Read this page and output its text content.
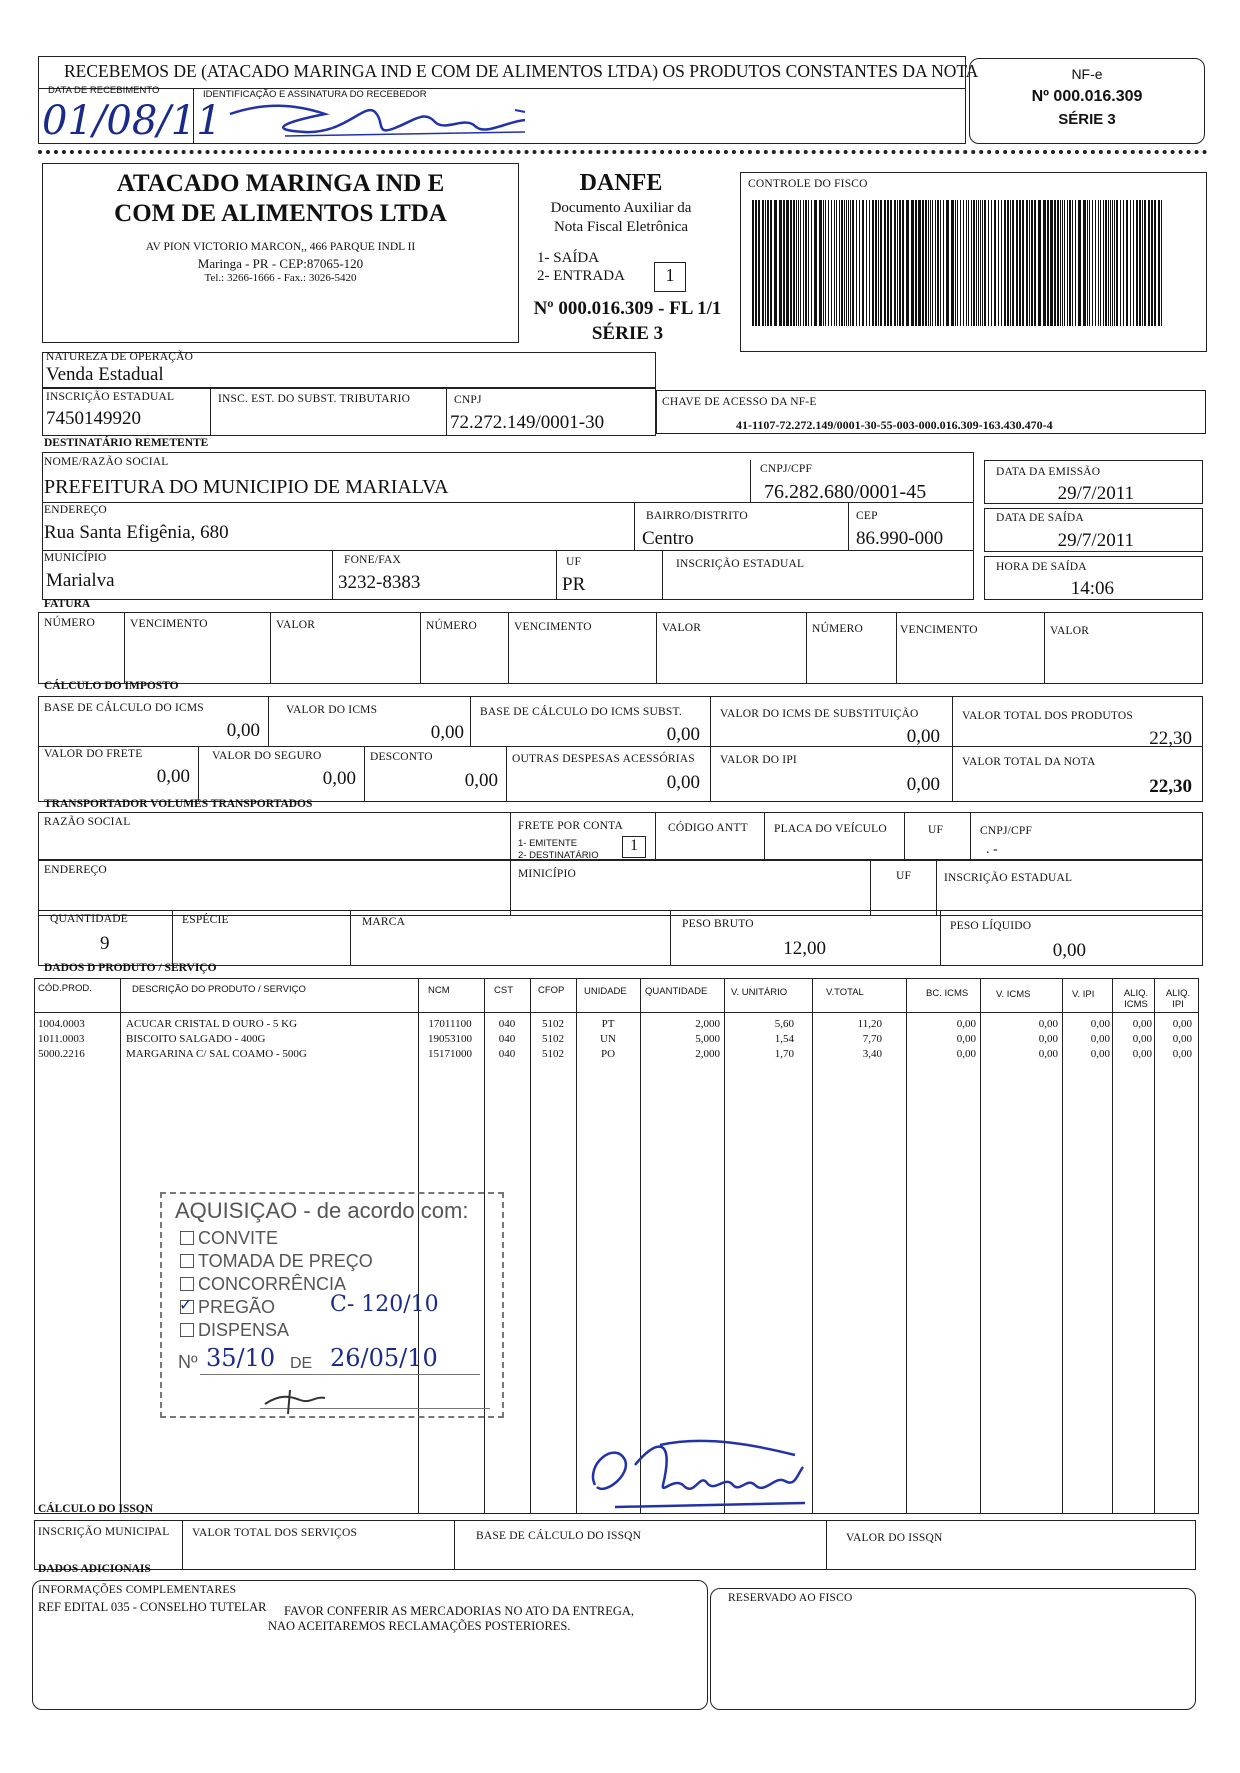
RECEBEMOS DE (ATACADO MARINGA IND E COM DE ALIMENTOS LTDA) OS PRODUTOS CONSTANTES DA NOTA
DATA DE RECEBIMENTO	IDENTIFICAÇÃO E ASSINATURA DO RECEBEDOR
01/08/11
NF-e
Nº 000.016.309
SÉRIE 3
ATACADO MARINGA IND E
COM DE ALIMENTOS LTDA
AV PION VICTORIO MARCON,, 466 PARQUE INDL II
Maringa - PR - CEP:87065-120
Tel.: 3266-1666 - Fax.: 3026-5420
DANFE
Documento Auxiliar da
Nota Fiscal Eletrônica
1- SAÍDA
2- ENTRADA	1
Nº 000.016.309 - FL 1/1
SÉRIE 3
CONTROLE DO FISCO
NATUREZA DE OPERAÇÃO
Venda Estadual
INSCRIÇÃO ESTADUAL
7450149920
INSC. EST. DO SUBST. TRIBUTARIO	CNPJ
72.272.149/0001-30
CHAVE DE ACESSO DA NF-E
41-1107-72.272.149/0001-30-55-003-000.016.309-163.430.470-4
DESTINATÁRIO REMETENTE
NOME/RAZÃO SOCIAL
PREFEITURA DO MUNICIPIO DE MARIALVA
CNPJ/CPF
76.282.680/0001-45
ENDEREÇO
Rua Santa Efigênia, 680
BAIRRO/DISTRITO
Centro
CEP
86.990-000
MUNICÍPIO
Marialva
FONE/FAX
3232-8383
UF
PR
INSCRIÇÃO ESTADUAL
DATA DA EMISSÃO
29/7/2011
DATA DE SAÍDA
29/7/2011
HORA DE SAÍDA
14:06
FATURA
NÚMERO	VENCIMENTO	VALOR	NÚMERO	VENCIMENTO	VALOR	NÚMERO	VENCIMENTO	VALOR
CÁLCULO DO IMPOSTO
BASE DE CÁLCULO DO ICMS
0,00
VALOR DO ICMS
0,00
BASE DE CÁLCULO DO ICMS SUBST.
0,00
VALOR DO ICMS DE SUBSTITUIÇÃO
0,00
VALOR TOTAL DOS PRODUTOS
22,30
VALOR DO FRETE
0,00
VALOR DO SEGURO
0,00
DESCONTO
0,00
OUTRAS DESPESAS ACESSÓRIAS
0,00
VALOR DO IPI
0,00
VALOR TOTAL DA NOTA
22,30
TRANSPORTADOR VOLUMES TRANSPORTADOS
RAZÃO SOCIAL	FRETE POR CONTA
1- EMITENTE
2- DESTINATÁRIO
1
CÓDIGO ANTT PLACA DO VEÍCULO	UF	CNPJ/CPF
. -
ENDEREÇO	MINICÍPIO	UF	INSCRIÇÃO ESTADUAL
QUANTIDADE
9
ESPÉCIE	MARCA	PESO BRUTO
12,00
PESO LÍQUIDO
0,00
DADOS D PRODUTO / SERVIÇO
CÓD.PROD.	DESCRIÇÃO DO PRODUTO / SERVIÇO	NCM	CST	CFOP UNIDADE QUANTIDADE V. UNITÁRIO	V.TOTAL	BC. ICMS	V. ICMS	V. IPI	ALIQ. ICMS
ALIQ. IPI
1004.0003	ACUCAR CRISTAL D OURO - 5 KG	17011100	040	5102	PT	2,000	5,60	11,20	0,00	0,00	0,00	0,00	0,00
1011.0003	BISCOITO SALGADO - 400G	19053100	040	5102	UN	5,000	1,54	7,70	0,00	0,00	0,00	0,00	0,00
5000.2216	MARGARINA C/ SAL COAMO - 500G	15171000	040	5102	PO	2,000	1,70	3,40	0,00	0,00	0,00	0,00	0,00
AQUISIÇAO - de acordo com:
CONVITE
TOMADA DE PREÇO
CONCORRÊNCIA
✓ PREGÃO C- 120/10
DISPENSA
Nº 35/10 DE 26/05/10
CÁLCULO DO ISSQN
INSCRIÇÃO MUNICIPAL VALOR TOTAL DOS SERVIÇOS	BASE DE CÁLCULO DO ISSQN	VALOR DO ISSQN
DADOS ADICIONAIS
INFORMAÇÕES COMPLEMENTARES
REF EDITAL 035 - CONSELHO TUTELAR FAVOR CONFERIR AS MERCADORIAS NO ATO DA ENTREGA,
NAO ACEITAREMOS RECLAMAÇÕES POSTERIORES.
RESERVADO AO FISCO
